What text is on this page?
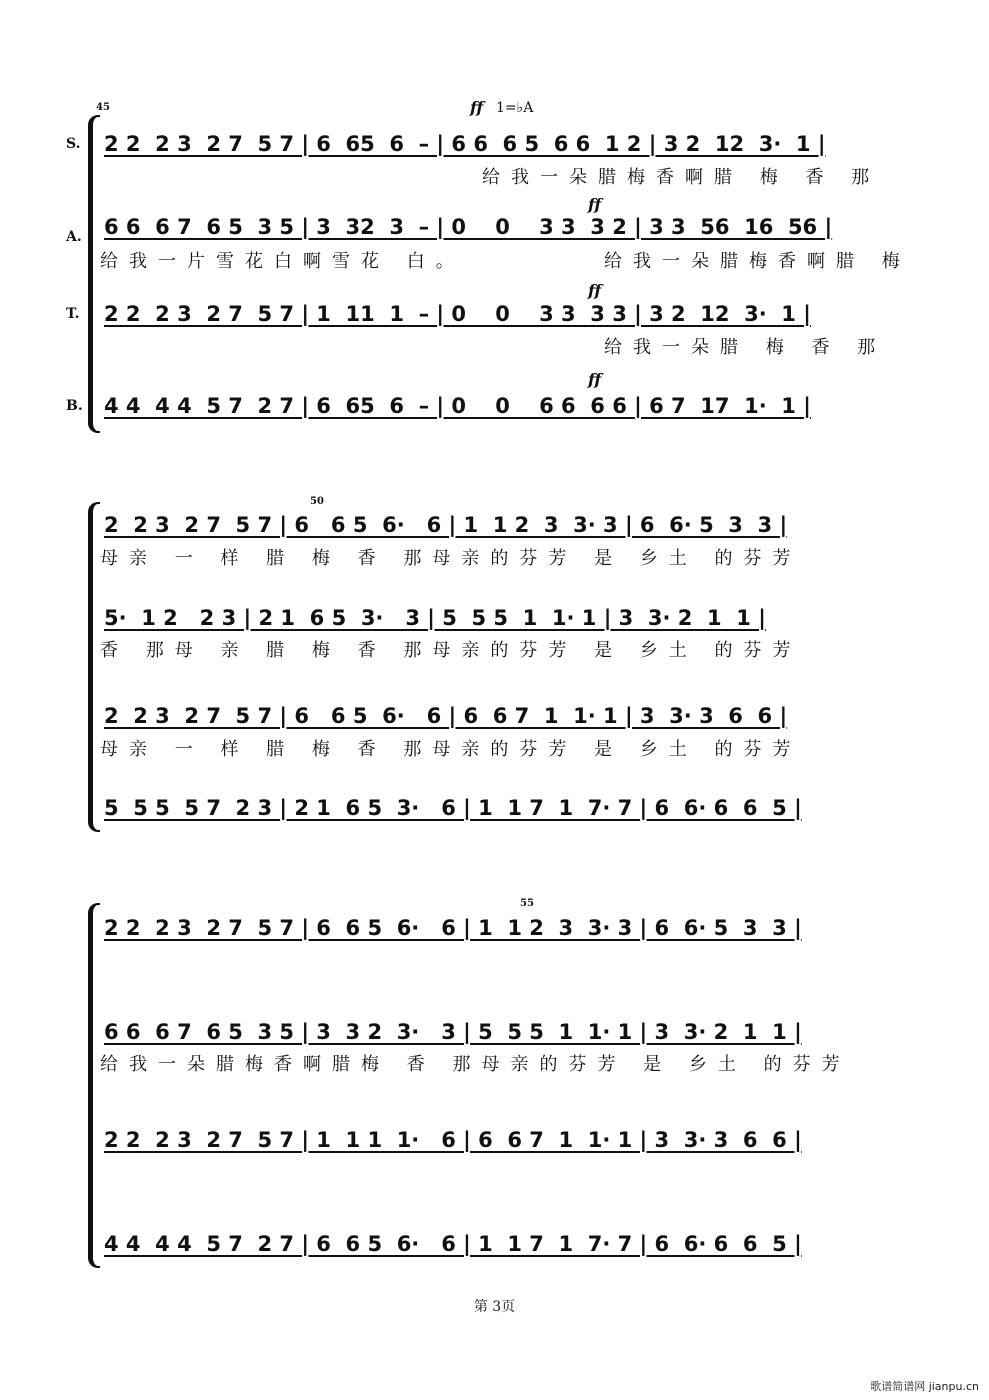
45	ff 1=♭A
S. 2 2  2 3  2 7  5 7 | 6  65  6  – | 6 6  6 5  6 6  1 2 | 3 2  12  3·  1 |
给我一朵腊梅香啊腊 梅 香 那
A.
ff
6 6  6 7  6 5  3 5 | 3  32  3  – | 0    0    3 3  3 2 | 3 3  56  16  56 |
给我一片雪花白啊雪花 白。	给我一朵腊梅香啊腊 梅
T.
ff
2 2  2 3  2 7  5 7 | 1  11  1  – | 0    0    3 3  3 3 | 3 2  12  3·  1 |
给我一朵腊 梅 香 那
B.
ff
4 4  4 4  5 7  2 7 | 6  65  6  – | 0    0    6 6  6 6 | 6 7  17  1·  1 |
50
2  2 3  2 7  5 7 | 6   6 5  6·   6 | 1  1 2  3  3· 3 | 6  6· 5  3  3 |
母亲 一 样 腊 梅 香 那母亲的芬芳 是 乡土 的芬芳
5·  1 2   2 3 | 2 1  6 5  3·   3 | 5  5 5  1  1· 1 | 3  3· 2  1  1 |
香 那母 亲 腊 梅 香 那母亲的芬芳 是 乡土 的芬芳
2  2 3  2 7  5 7 | 6   6 5  6·   6 | 6  6 7  1  1· 1 | 3  3· 3  6  6 |
母亲 一 样 腊 梅 香 那母亲的芬芳 是 乡土 的芬芳
5  5 5  5 7  2 3 | 2 1  6 5  3·   6 | 1  1 7  1  7· 7 | 6  6· 6  6  5 |
55
2 2  2 3  2 7  5 7 | 6  6 5  6·   6 | 1  1 2  3  3· 3 | 6  6· 5  3  3 |
6 6  6 7  6 5  3 5 | 3  3 2  3·   3 | 5  5 5  1  1· 1 | 3  3· 2  1  1 |
给我一朵腊梅香啊腊梅 香 那母亲的芬芳 是 乡土 的芬芳
2 2  2 3  2 7  5 7 | 1  1 1  1·   6 | 6  6 7  1  1· 1 | 3  3· 3  6  6 |
4 4  4 4  5 7  2 7 | 6  6 5  6·   6 | 1  1 7  1  7· 7 | 6  6· 6  6  5 |
第 3页
歌谱简谱网 jianpu.cn
